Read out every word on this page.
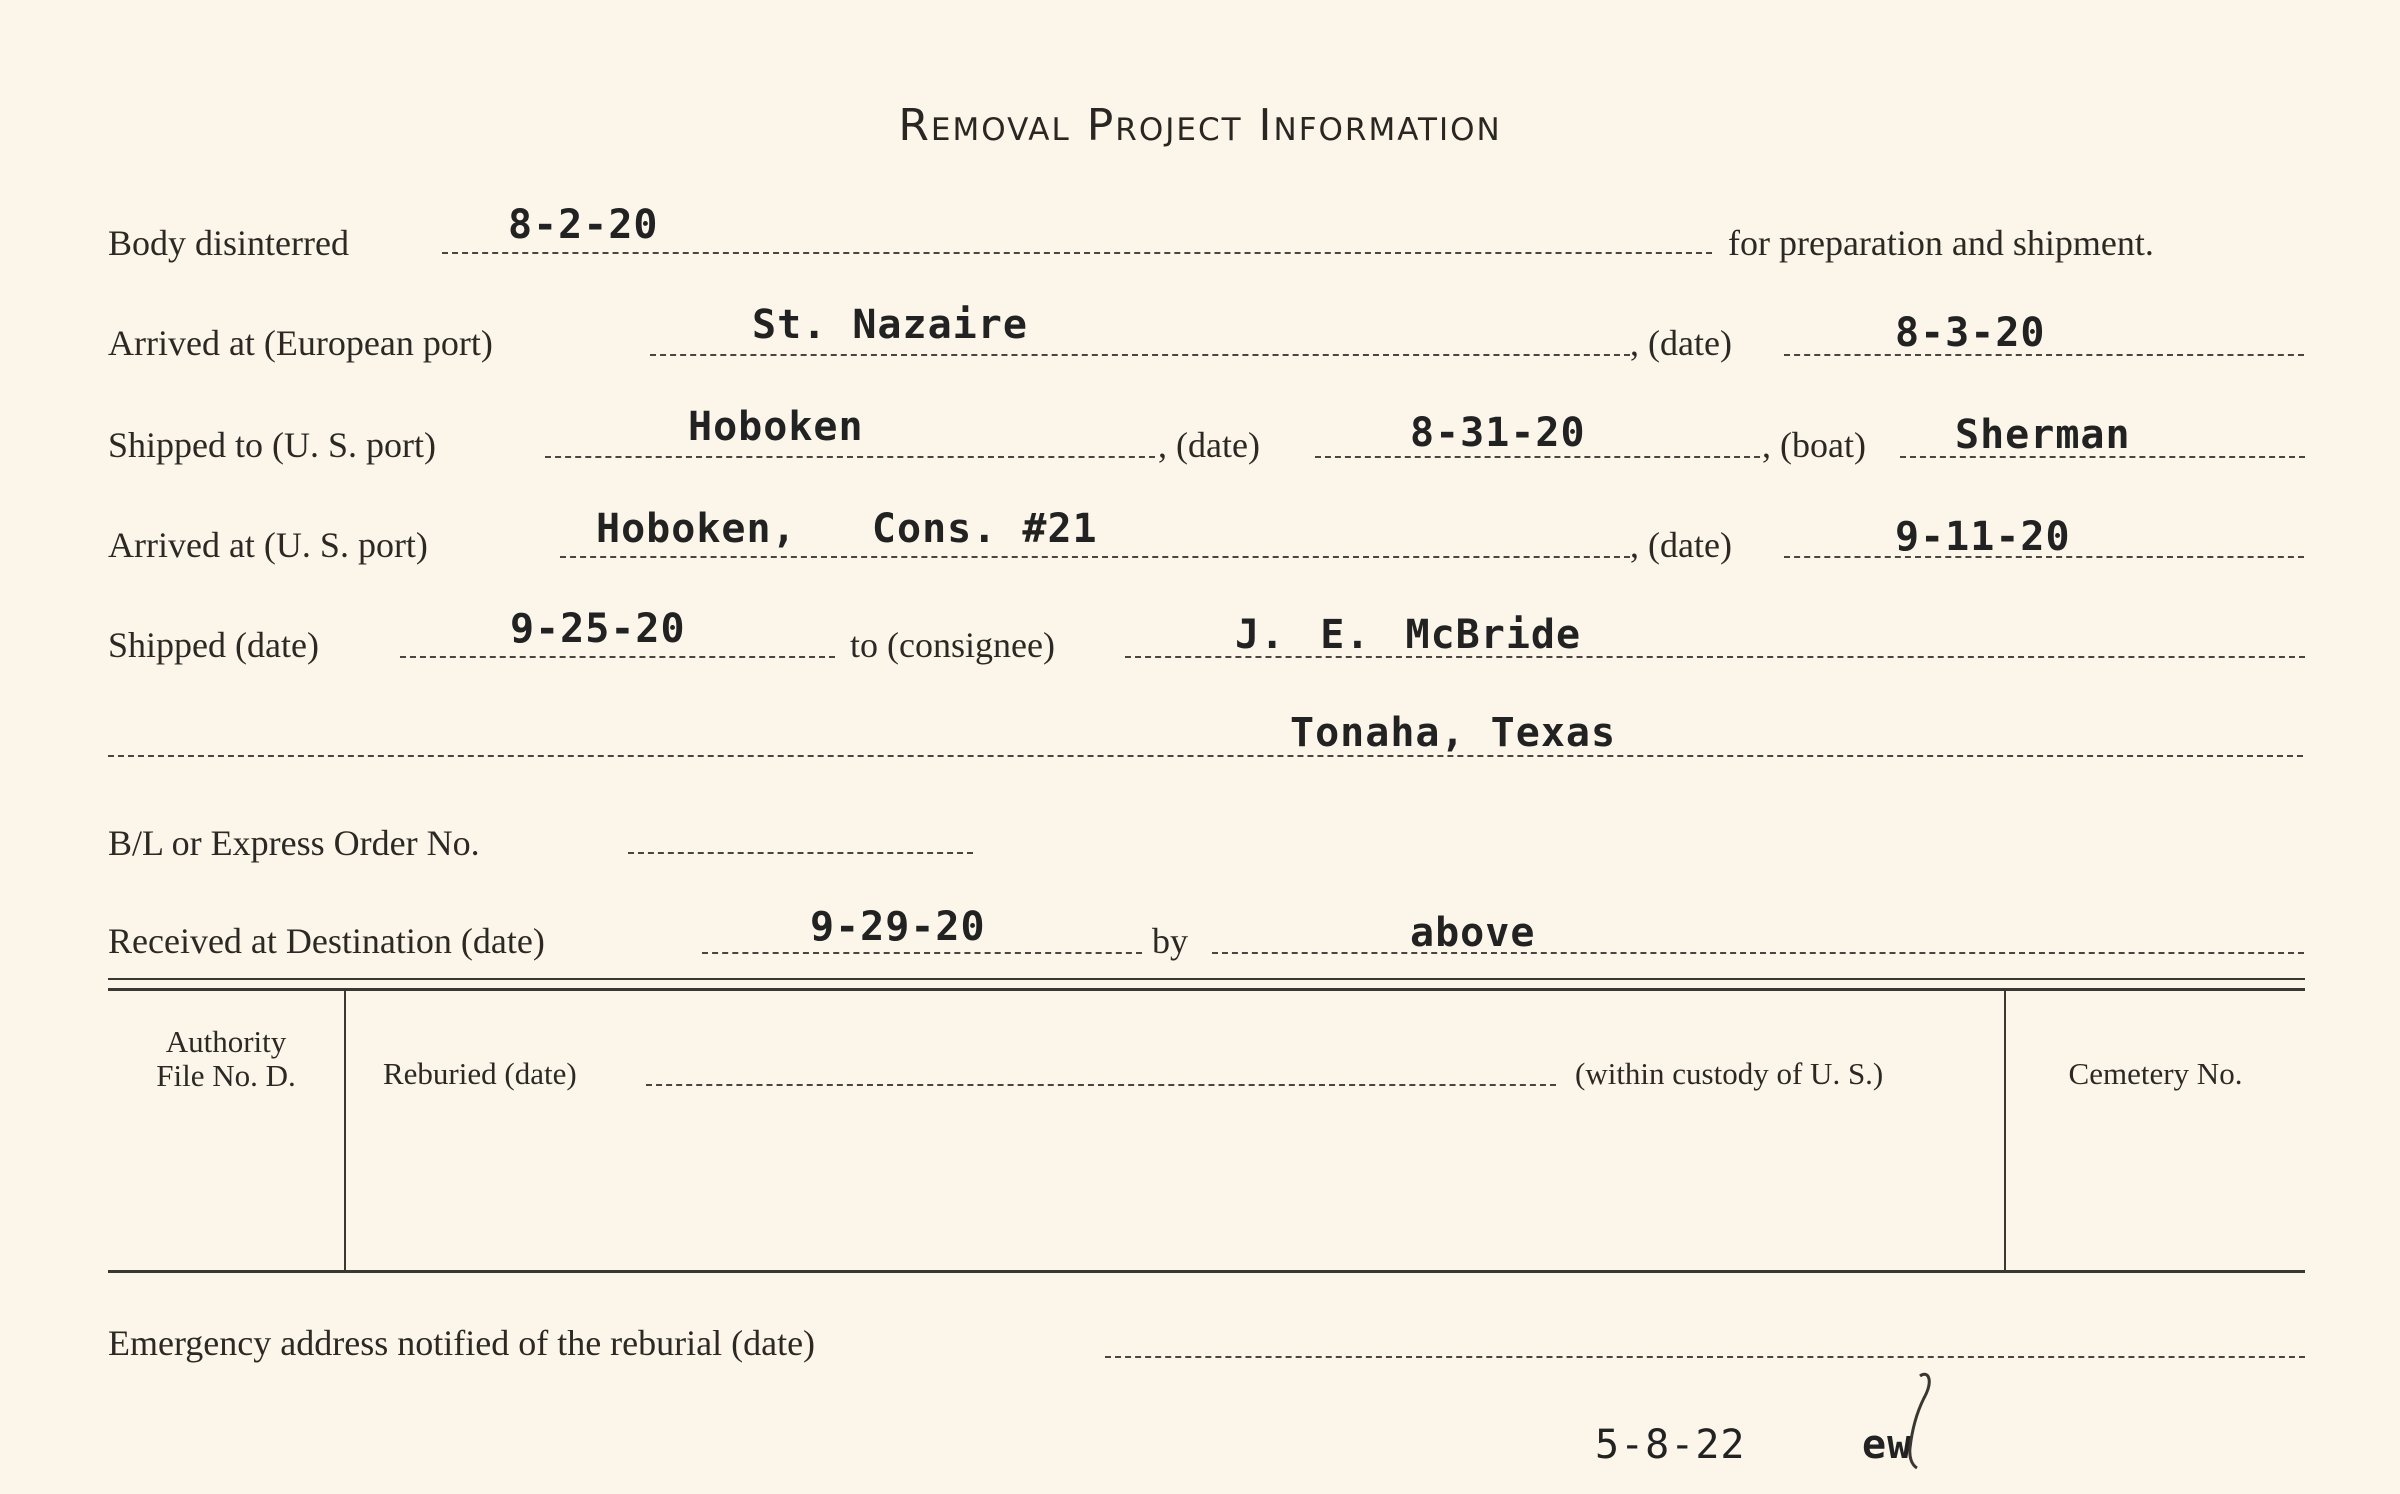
Removal Project Information
Body disinterred	8-2-20	for preparation and shipment.
Arrived at (European port)	St. Nazaire	, (date)	8-3-20
Shipped to (U. S. port)	Hoboken	, (date)	8-31-20	, (boat) Sherman
Arrived at (U. S. port)	Hoboken,   Cons. #21	, (date)	9-11-20
Shipped (date)	9-25-20	to (consignee)	J. E. McBride
Tonaha, Texas
B/L or Express Order No.
Received at Destination (date)	9-29-20	by	above
Authority
File No. D.	Reburied (date)	(within custody of U. S.)	Cemetery No.
Emergency address notified of the reburial (date)
5-8-22	ew
